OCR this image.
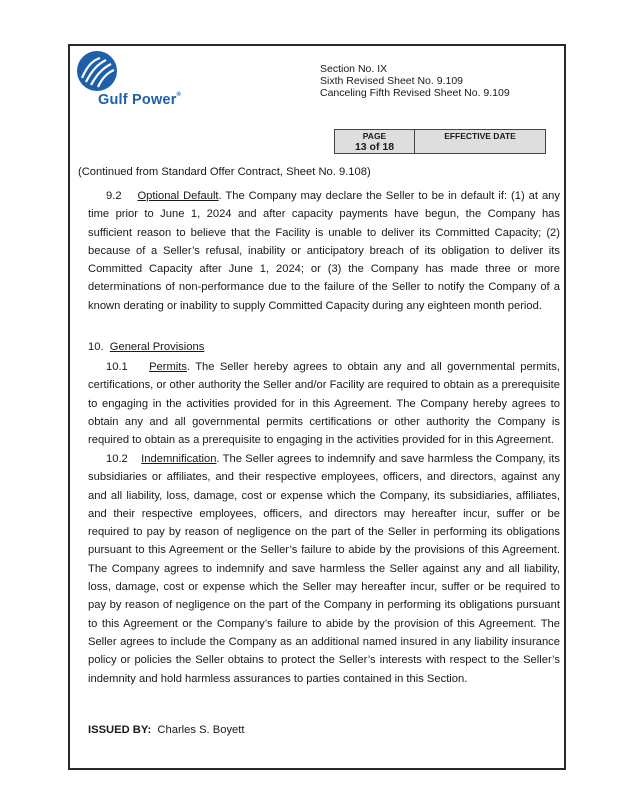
Gulf Power®
Section No. IX
Sixth Revised Sheet No. 9.109
Canceling Fifth Revised Sheet No. 9.109
PAGE
13 of 18
EFFECTIVE DATE
(Continued from Standard Offer Contract, Sheet No. 9.108)

9.2 Optional Default. The Company may declare the Seller to be in default if: (1) at any time prior to June 1, 2024 and after capacity payments have begun, the Company has sufficient reason to believe that the Facility is unable to deliver its Committed Capacity; (2) because of a Seller’s refusal, inability or anticipatory breach of its obligation to deliver its Committed Capacity after June 1, 2024; or (3) the Company has made three or more determinations of non-performance due to the failure of the Seller to notify the Company of a known derating or inability to supply Committed Capacity during any eighteen month period.

10. General Provisions

10.1 Permits. The Seller hereby agrees to obtain any and all governmental permits, certifications, or other authority the Seller and/or Facility are required to obtain as a prerequisite to engaging in the activities provided for in this Agreement. The Company hereby agrees to obtain any and all governmental permits certifications or other authority the Company is required to obtain as a prerequisite to engaging in the activities provided for in this Agreement.

10.2 Indemnification. The Seller agrees to indemnify and save harmless the Company, its subsidiaries or affiliates, and their respective employees, officers, and directors, against any and all liability, loss, damage, cost or expense which the Company, its subsidiaries, affiliates, and their respective employees, officers, and directors may hereafter incur, suffer or be required to pay by reason of negligence on the part of the Seller in performing its obligations pursuant to this Agreement or the Seller’s failure to abide by the provisions of this Agreement. The Company agrees to indemnify and save harmless the Seller against any and all liability, loss, damage, cost or expense which the Seller may hereafter incur, suffer or be required to pay by reason of negligence on the part of the Company in performing its obligations pursuant to this Agreement or the Company’s failure to abide by the provision of this Agreement. The Seller agrees to include the Company as an additional named insured in any liability insurance policy or policies the Seller obtains to protect the Seller’s interests with respect to the Seller’s indemnity and hold harmless assurances to parties contained in this Section.

ISSUED BY: Charles S. Boyett
